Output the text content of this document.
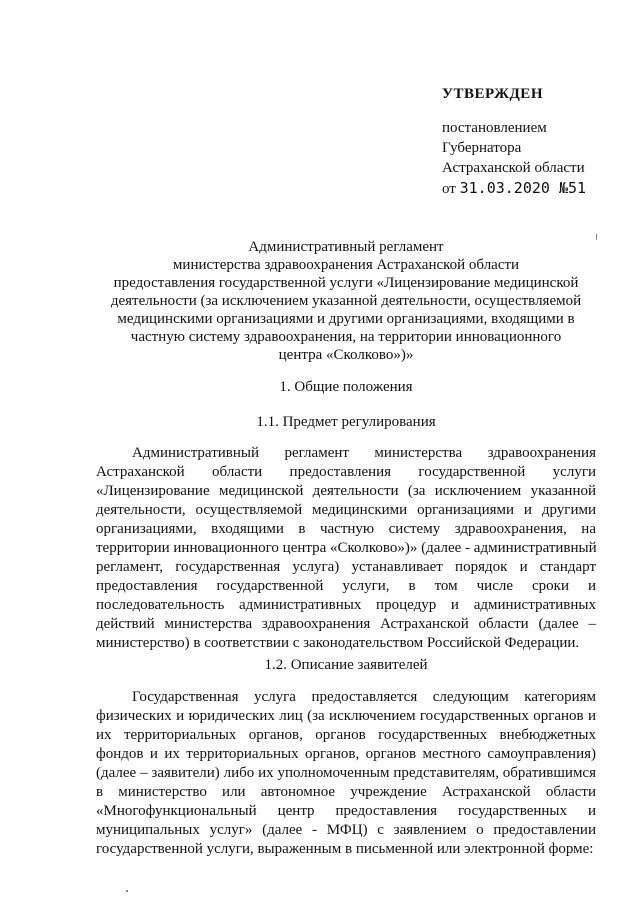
УТВЕРЖДЕН
постановлением
Губернатора
Астраханской области
от 31.03.2020 №51
Административный регламент
министерства здравоохранения Астраханской области
предоставления государственной услуги «Лицензирование медицинской
деятельности (за исключением указанной деятельности, осуществляемой
медицинскими организациями и другими организациями, входящими в
частную систему здравоохранения, на территории инновационного
центра «Сколково»)»
1. Общие положения
1.1. Предмет регулирования
Административный регламент министерства здравоохранения
Астраханской области предоставления государственной услуги
«Лицензирование медицинской деятельности (за исключением указанной
деятельности, осуществляемой медицинскими организациями и другими
организациями, входящими в частную систему здравоохранения, на
территории инновационного центра «Сколково»)» (далее - административный
регламент, государственная услуга) устанавливает порядок и стандарт
предоставления государственной услуги, в том числе сроки и
последовательность административных процедур и административных
действий министерства здравоохранения Астраханской области (далее –
министерство) в соответствии с законодательством Российской Федерации.
1.2. Описание заявителей
Государственная услуга предоставляется следующим категориям
физических и юридических лиц (за исключением государственных органов и
их территориальных органов, органов государственных внебюджетных
фондов и их территориальных органов, органов местного самоуправления)
(далее – заявители) либо их уполномоченным представителям, обратившимся
в министерство или автономное учреждение Астраханской области
«Многофункциональный центр предоставления государственных и
муниципальных услуг» (далее - МФЦ) с заявлением о предоставлении
государственной услуги, выраженным в письменной или электронной форме:
